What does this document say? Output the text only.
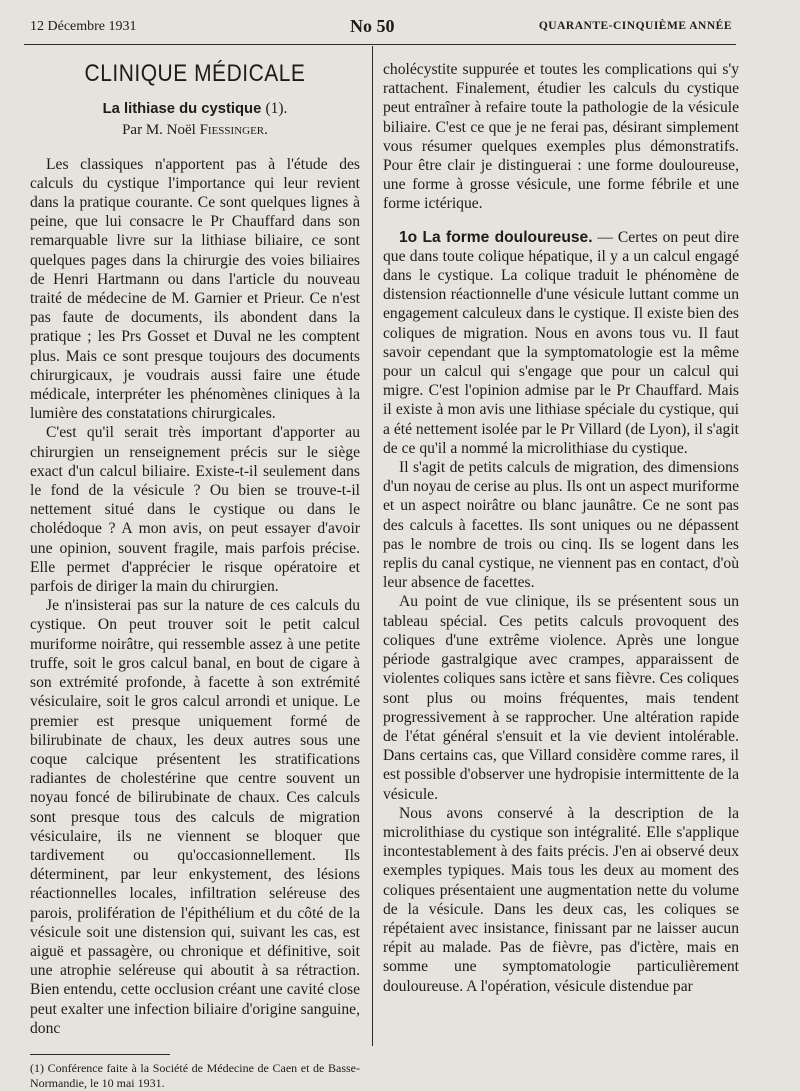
12 Décembre 1931	No 50	QUARANTE-CINQUIÈME ANNÉE
CLINIQUE MÉDICALE
La lithiase du cystique (1).
Par M. Noël Fiessinger.

Les classiques n'apportent pas à l'étude des calculs du cystique l'importance qui leur revient dans la pratique courante. Ce sont quelques lignes à peine, que lui consacre le Pr Chauffard dans son remarquable livre sur la lithiase biliaire, ce sont quelques pages dans la chirurgie des voies biliaires de Henri Hartmann ou dans l'article du nouveau traité de médecine de M. Garnier et Prieur. Ce n'est pas faute de documents, ils abondent dans la pratique ; les Prs Gosset et Duval ne les comptent plus. Mais ce sont presque toujours des documents chirurgicaux, je voudrais aussi faire une étude médicale, interpréter les phénomènes cliniques à la lumière des constatations chirurgicales.

C'est qu'il serait très important d'apporter au chirurgien un renseignement précis sur le siège exact d'un calcul biliaire. Existe-t-il seulement dans le fond de la vésicule ? Ou bien se trouve-t-il nettement situé dans le cystique ou dans le cholédoque ? A mon avis, on peut essayer d'avoir une opinion, souvent fragile, mais parfois précise. Elle permet d'apprécier le risque opératoire et parfois de diriger la main du chirurgien.

Je n'insisterai pas sur la nature de ces calculs du cystique. On peut trouver soit le petit calcul muriforme noirâtre, qui ressemble assez à une petite truffe, soit le gros calcul banal, en bout de cigare à son extrémité profonde, à facette à son extrémité vésiculaire, soit le gros calcul arrondi et unique. Le premier est presque uniquement formé de bilirubinate de chaux, les deux autres sous une coque calcique présentent les stratifications radiantes de cholestérine que centre souvent un noyau foncé de bilirubinate de chaux. Ces calculs sont presque tous des calculs de migration vésiculaire, ils ne viennent se bloquer que tardivement ou qu'occasionnellement. Ils déterminent, par leur enkystement, des lésions réactionnelles locales, infiltration seléreuse des parois, prolifération de l'épithélium et du côté de la vésicule soit une distension qui, suivant les cas, est aiguë et passagère, ou chronique et définitive, soit une atrophie seléreuse qui aboutit à sa rétraction. Bien entendu, cette occlusion créant une cavité close peut exalter une infection biliaire d'origine sanguine, donc

(1) Conférence faite à la Société de Médecine de Caen et de Basse-Normandie, le 10 mai 1931.

cholécystite suppurée et toutes les complications qui s'y rattachent. Finalement, étudier les calculs du cystique peut entraîner à refaire toute la pathologie de la vésicule biliaire. C'est ce que je ne ferai pas, désirant simplement vous résumer quelques exemples plus démonstratifs. Pour être clair je distinguerai : une forme douloureuse, une forme à grosse vésicule, une forme fébrile et une forme ictérique.

1o La forme douloureuse. — Certes on peut dire que dans toute colique hépatique, il y a un calcul engagé dans le cystique. La colique traduit le phénomène de distension réactionnelle d'une vésicule luttant comme un engagement calculeux dans le cystique. Il existe bien des coliques de migration. Nous en avons tous vu. Il faut savoir cependant que la symptomatologie est la même pour un calcul qui s'engage que pour un calcul qui migre. C'est l'opinion admise par le Pr Chauffard. Mais il existe à mon avis une lithiase spéciale du cystique, qui a été nettement isolée par le Pr Villard (de Lyon), il s'agit de ce qu'il a nommé la microlithiase du cystique.

Il s'agit de petits calculs de migration, des dimensions d'un noyau de cerise au plus. Ils ont un aspect muriforme et un aspect noirâtre ou blanc jaunâtre. Ce ne sont pas des calculs à facettes. Ils sont uniques ou ne dépassent pas le nombre de trois ou cinq. Ils se logent dans les replis du canal cystique, ne viennent pas en contact, d'où leur absence de facettes.

Au point de vue clinique, ils se présentent sous un tableau spécial. Ces petits calculs provoquent des coliques d'une extrême violence. Après une longue période gastralgique avec crampes, apparaissent de violentes coliques sans ictère et sans fièvre. Ces coliques sont plus ou moins fréquentes, mais tendent progressivement à se rapprocher. Une altération rapide de l'état général s'ensuit et la vie devient intolérable. Dans certains cas, que Villard considère comme rares, il est possible d'observer une hydropisie intermittente de la vésicule.

Nous avons conservé à la description de la microlithiase du cystique son intégralité. Elle s'applique incontestablement à des faits précis. J'en ai observé deux exemples typiques. Mais tous les deux au moment des coliques présentaient une augmentation nette du volume de la vésicule. Dans les deux cas, les coliques se répétaient avec insistance, finissant par ne laisser aucun répit au malade. Pas de fièvre, pas d'ictère, mais en somme une symptomatologie particulièrement douloureuse. A l'opération, vésicule distendue par
